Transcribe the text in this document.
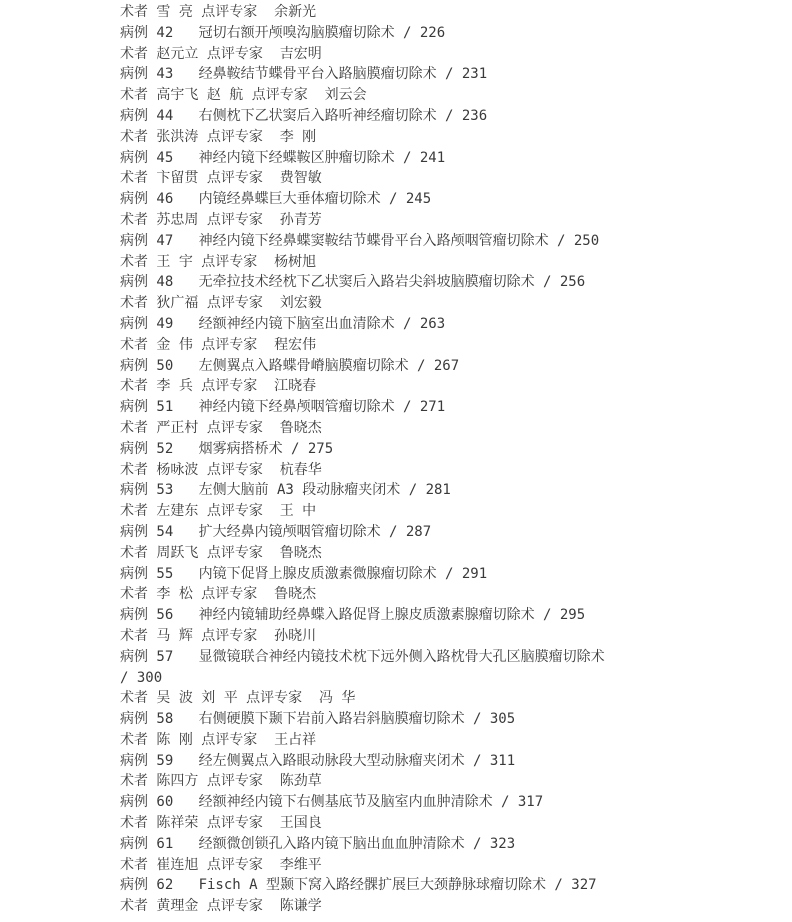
术者 雪 亮 点评专家  余新光
病例 42   冠切右额开颅嗅沟脑膜瘤切除术 / 226
术者 赵元立 点评专家  吉宏明
病例 43   经鼻鞍结节蝶骨平台入路脑膜瘤切除术 / 231
术者 高宇飞 赵 航 点评专家  刘云会
病例 44   右侧枕下乙状窦后入路听神经瘤切除术 / 236
术者 张洪涛 点评专家  李 刚
病例 45   神经内镜下经蝶鞍区肿瘤切除术 / 241
术者 卞留贯 点评专家  费智敏
病例 46   内镜经鼻蝶巨大垂体瘤切除术 / 245
术者 苏忠周 点评专家  孙青芳
病例 47   神经内镜下经鼻蝶窦鞍结节蝶骨平台入路颅咽管瘤切除术 / 250
术者 王 宇 点评专家  杨树旭
病例 48   无牵拉技术经枕下乙状窦后入路岩尖斜坡脑膜瘤切除术 / 256
术者 狄广福 点评专家  刘宏毅
病例 49   经额神经内镜下脑室出血清除术 / 263
术者 金 伟 点评专家  程宏伟
病例 50   左侧翼点入路蝶骨嵴脑膜瘤切除术 / 267
术者 李 兵 点评专家  江晓春
病例 51   神经内镜下经鼻颅咽管瘤切除术 / 271
术者 严正村 点评专家  鲁晓杰
病例 52   烟雾病搭桥术 / 275
术者 杨咏波 点评专家  杭春华
病例 53   左侧大脑前 A3 段动脉瘤夹闭术 / 281
术者 左建东 点评专家  王 中
病例 54   扩大经鼻内镜颅咽管瘤切除术 / 287
术者 周跃飞 点评专家  鲁晓杰
病例 55   内镜下促肾上腺皮质激素微腺瘤切除术 / 291
术者 李 松 点评专家  鲁晓杰
病例 56   神经内镜辅助经鼻蝶入路促肾上腺皮质激素腺瘤切除术 / 295
术者 马 辉 点评专家  孙晓川
病例 57   显微镜联合神经内镜技术枕下远外侧入路枕骨大孔区脑膜瘤切除术
/ 300
术者 吴 波 刘 平 点评专家  冯 华
病例 58   右侧硬膜下颞下岩前入路岩斜脑膜瘤切除术 / 305
术者 陈 刚 点评专家  王占祥
病例 59   经左侧翼点入路眼动脉段大型动脉瘤夹闭术 / 311
术者 陈四方 点评专家  陈劲草
病例 60   经额神经内镜下右侧基底节及脑室内血肿清除术 / 317
术者 陈祥荣 点评专家  王国良
病例 61   经额微创锁孔入路内镜下脑出血血肿清除术 / 323
术者 崔连旭 点评专家  李维平
病例 62   Fisch A 型颞下窝入路经髁扩展巨大颈静脉球瘤切除术 / 327
术者 黄理金 点评专家  陈谦学
